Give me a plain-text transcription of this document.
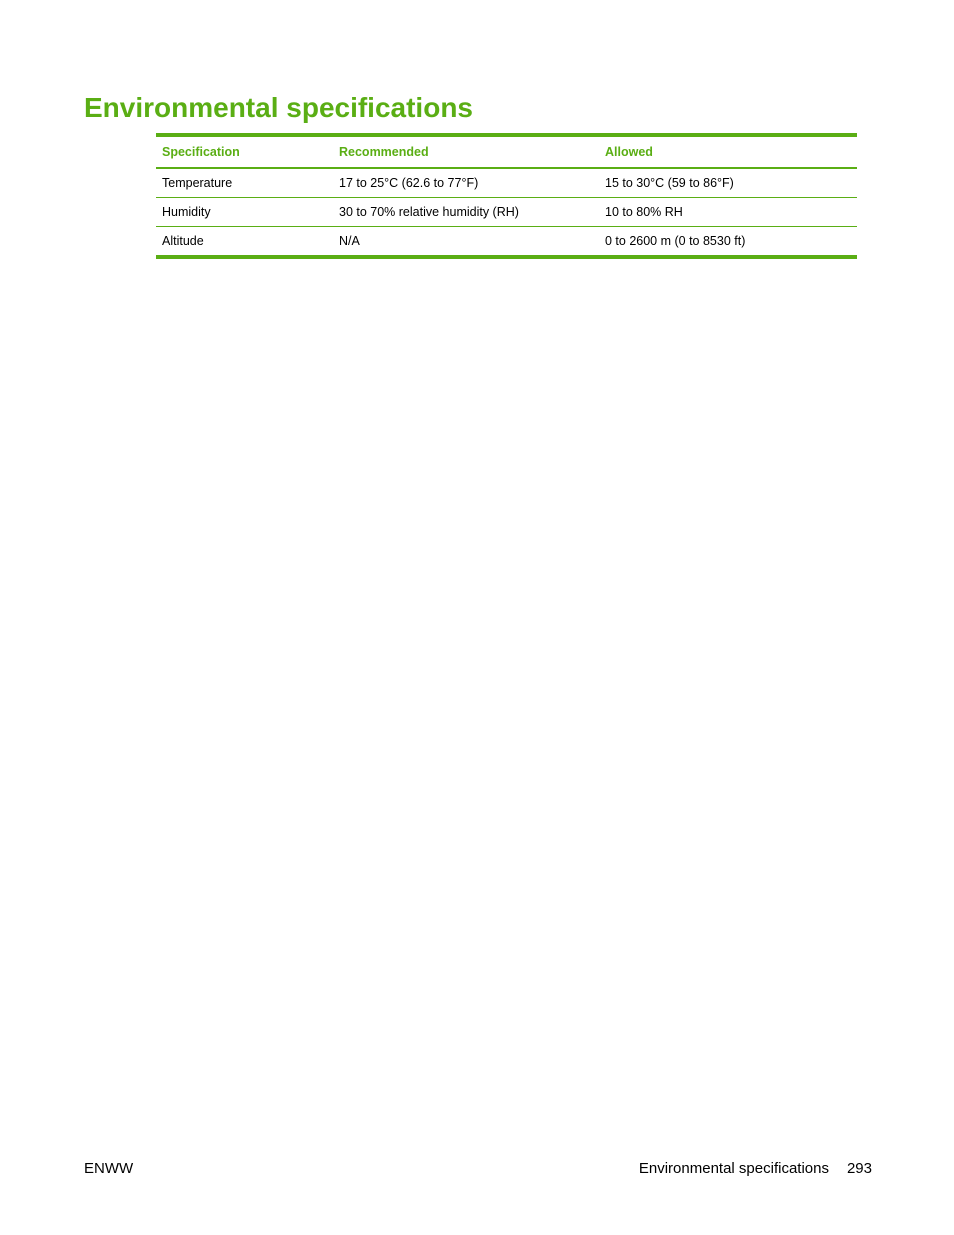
Environmental specifications
Specification	Recommended	Allowed
Temperature	17 to 25°C (62.6 to 77°F)	15 to 30°C (59 to 86°F)
Humidity	30 to 70% relative humidity (RH)	10 to 80% RH
Altitude	N/A	0 to 2600 m (0 to 8530 ft)
ENWW	Environmental specifications 293
